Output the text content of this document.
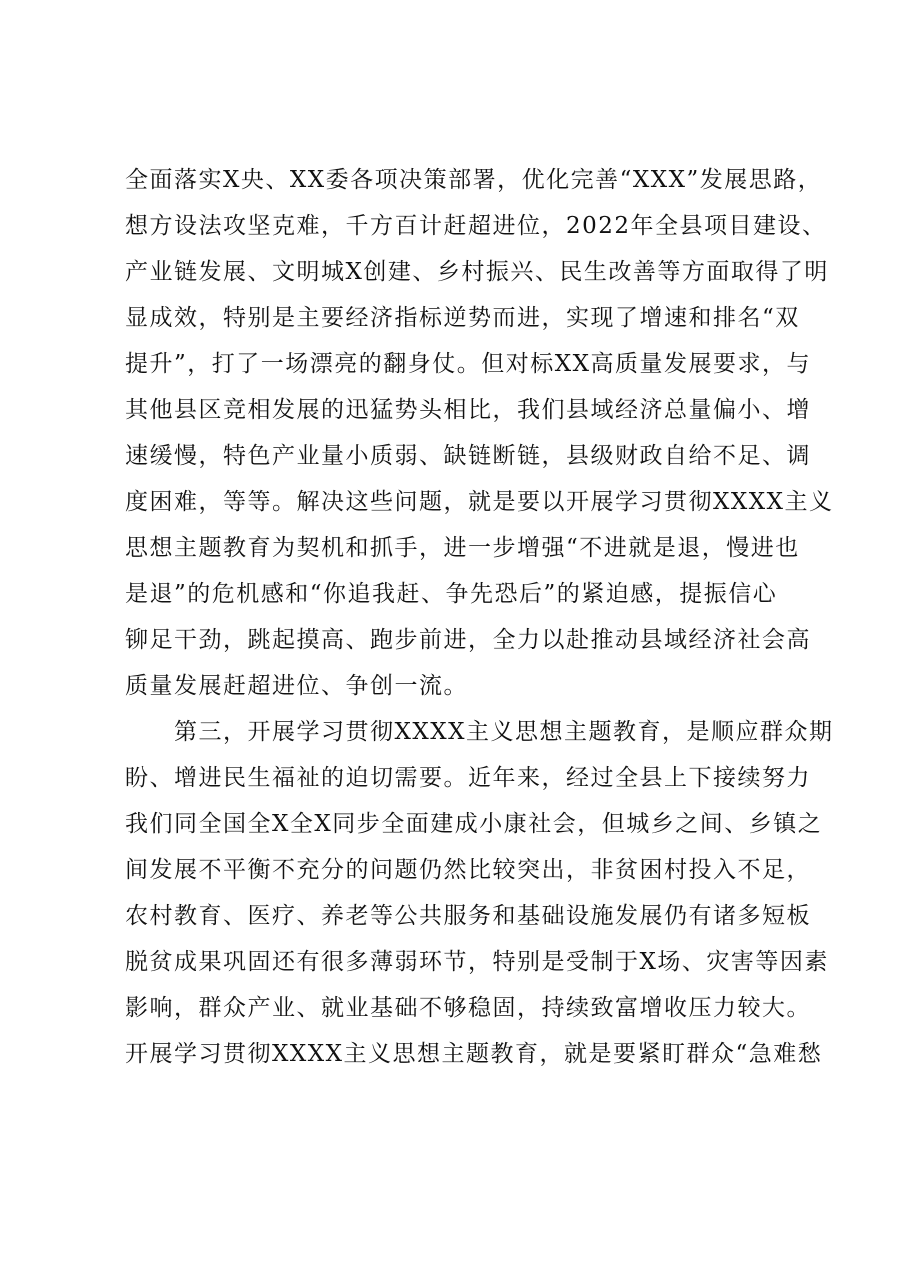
全面落实X央、XX委各项决策部署，优化完善“XXX”发展思路，
想方设法攻坚克难，千方百计赶超进位，2022年全县项目建设、
产业链发展、文明城X创建、乡村振兴、民生改善等方面取得了明
显成效，特别是主要经济指标逆势而进，实现了增速和排名“双
提升”，打了一场漂亮的翻身仗。但对标XX高质量发展要求，与
其他县区竞相发展的迅猛势头相比，我们县域经济总量偏小、增
速缓慢，特色产业量小质弱、缺链断链，县级财政自给不足、调
度困难，等等。解决这些问题，就是要以开展学习贯彻XXXX主义
思想主题教育为契机和抓手，进一步增强“不进就是退，慢进也
是退”的危机感和“你追我赶、争先恐后”的紧迫感，提振信心
铆足干劲，跳起摸高、跑步前进，全力以赴推动县域经济社会高
质量发展赶超进位、争创一流。
　　第三，开展学习贯彻XXXX主义思想主题教育，是顺应群众期
盼、增进民生福祉的迫切需要。近年来，经过全县上下接续努力
我们同全国全X全X同步全面建成小康社会，但城乡之间、乡镇之
间发展不平衡不充分的问题仍然比较突出，非贫困村投入不足，
农村教育、医疗、养老等公共服务和基础设施发展仍有诸多短板
脱贫成果巩固还有很多薄弱环节，特别是受制于X场、灾害等因素
影响，群众产业、就业基础不够稳固，持续致富增收压力较大。
开展学习贯彻XXXX主义思想主题教育，就是要紧盯群众“急难愁
